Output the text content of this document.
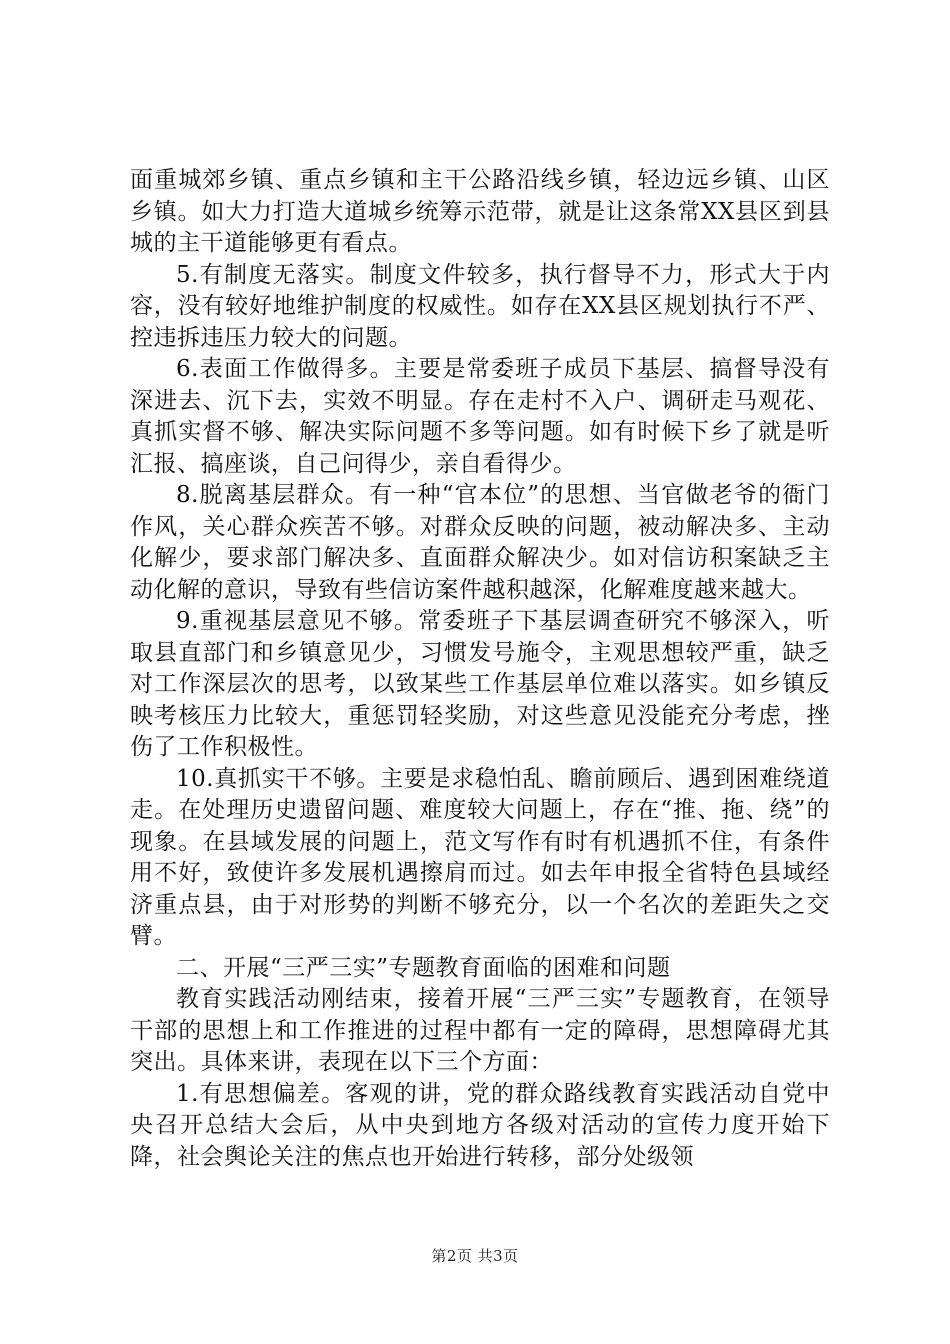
面重城郊乡镇、重点乡镇和主干公路沿线乡镇，轻边远乡镇、山区乡镇。如大力打造大道城乡统筹示范带，就是让这条常XX县区到县城的主干道能够更有看点。

5.有制度无落实。制度文件较多，执行督导不力，形式大于内容，没有较好地维护制度的权威性。如存在XX县区规划执行不严、控违拆违压力较大的问题。

6.表面工作做得多。主要是常委班子成员下基层、搞督导没有深进去、沉下去，实效不明显。存在走村不入户、调研走马观花、真抓实督不够、解决实际问题不多等问题。如有时候下乡了就是听汇报、搞座谈，自己问得少，亲自看得少。

8.脱离基层群众。有一种“官本位”的思想、当官做老爷的衙门作风，关心群众疾苦不够。对群众反映的问题，被动解决多、主动化解少，要求部门解决多、直面群众解决少。如对信访积案缺乏主动化解的意识，导致有些信访案件越积越深，化解难度越来越大。

9.重视基层意见不够。常委班子下基层调查研究不够深入，听取县直部门和乡镇意见少，习惯发号施令，主观思想较严重，缺乏对工作深层次的思考，以致某些工作基层单位难以落实。如乡镇反映考核压力比较大，重惩罚轻奖励，对这些意见没能充分考虑，挫伤了工作积极性。

10.真抓实干不够。主要是求稳怕乱、瞻前顾后、遇到困难绕道走。在处理历史遗留问题、难度较大问题上，存在“推、拖、绕”的现象。在县域发展的问题上，范文写作有时有机遇抓不住，有条件用不好，致使许多发展机遇擦肩而过。如去年申报全省特色县域经济重点县，由于对形势的判断不够充分，以一个名次的差距失之交臂。

二、开展“三严三实”专题教育面临的困难和问题

教育实践活动刚结束，接着开展“三严三实”专题教育，在领导干部的思想上和工作推进的过程中都有一定的障碍，思想障碍尤其突出。具体来讲，表现在以下三个方面：

1.有思想偏差。客观的讲，党的群众路线教育实践活动自党中央召开总结大会后，从中央到地方各级对活动的宣传力度开始下降，社会舆论关注的焦点也开始进行转移，部分处级领

第2页 共3页
